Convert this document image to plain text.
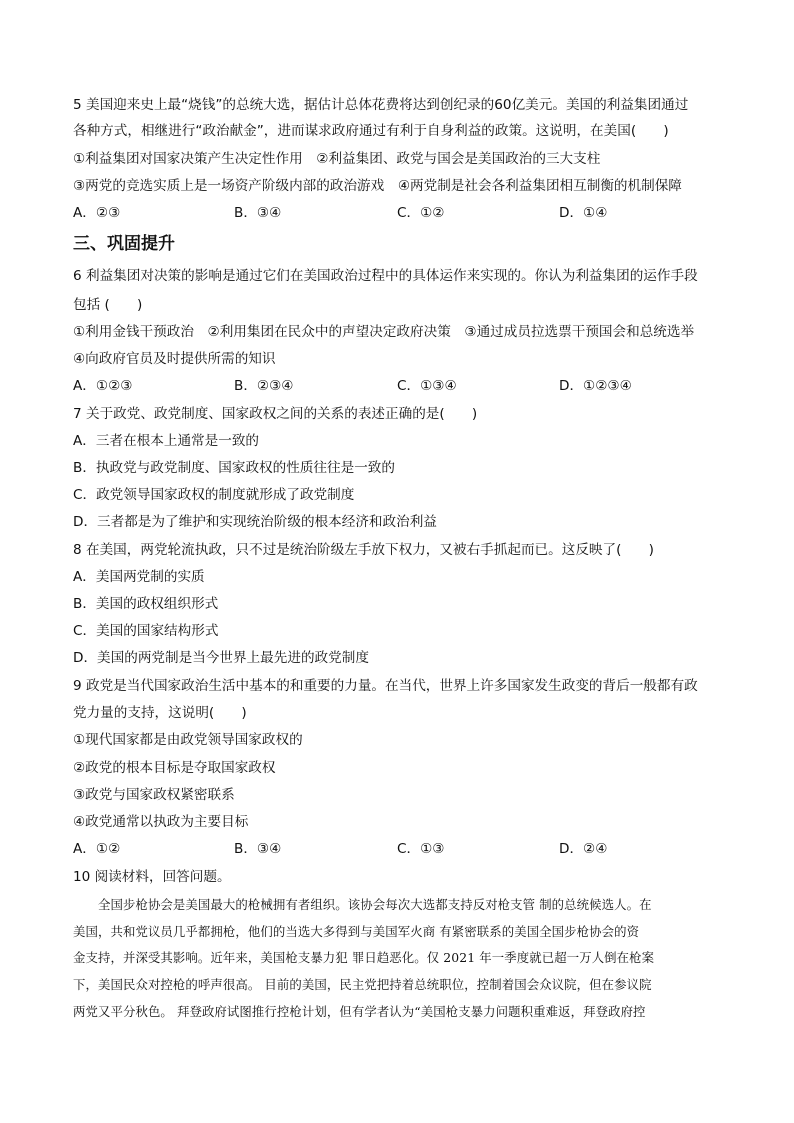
5 美国迎来史上最“烧钱”的总统大选，据估计总体花费将达到创纪录的60亿美元。美国的利益集团通过
各种方式，相继进行“政治献金”，进而谋求政府通过有利于自身利益的政策。这说明，在美国(　　)
①利益集团对国家决策产生决定性作用　②利益集团、政党与国会是美国政治的三大支柱
③两党的竞选实质上是一场资产阶级内部的政治游戏　④两党制是社会各利益集团相互制衡的机制保障
A．②③	B．③④	C．①②	D．①④
三、巩固提升
6 利益集团对决策的影响是通过它们在美国政治过程中的具体运作来实现的。你认为利益集团的运作手段
包括 (　　)
①利用金钱干预政治　②利用集团在民众中的声望决定政府决策　③通过成员拉选票干预国会和总统选举
④向政府官员及时提供所需的知识
A．①②③	B．②③④	C．①③④	D．①②③④
7 关于政党、政党制度、国家政权之间的关系的表述正确的是(　　)
A．三者在根本上通常是一致的
B．执政党与政党制度、国家政权的性质往往是一致的
C．政党领导国家政权的制度就形成了政党制度
D．三者都是为了维护和实现统治阶级的根本经济和政治利益
8 在美国，两党轮流执政，只不过是统治阶级左手放下权力，又被右手抓起而已。这反映了(　　)
A．美国两党制的实质
B．美国的政权组织形式
C．美国的国家结构形式
D．美国的两党制是当今世界上最先进的政党制度
9 政党是当代国家政治生活中基本的和重要的力量。在当代，世界上许多国家发生政变的背后一般都有政
党力量的支持，这说明(　　)
①现代国家都是由政党领导国家政权的
②政党的根本目标是夺取国家政权
③政党与国家政权紧密联系
④政党通常以执政为主要目标
A．①②	B．③④	C．①③	D．②④
10 阅读材料，回答问题。
　　全国步枪协会是美国最大的枪械拥有者组织。该协会每次大选都支持反对枪支管 制的总统候选人。在
美国，共和党议员几乎都拥枪，他们的当选大多得到与美国军火商 有紧密联系的美国全国步枪协会的资
金支持，并深受其影响。近年来，美国枪支暴力犯 罪日趋恶化。仅 2021 年一季度就已超一万人倒在枪案
下，美国民众对控枪的呼声很高。 目前的美国，民主党把持着总统职位，控制着国会众议院，但在参议院
两党又平分秋色。 拜登政府试图推行控枪计划，但有学者认为“美国枪支暴力问题积重难返，拜登政府控
